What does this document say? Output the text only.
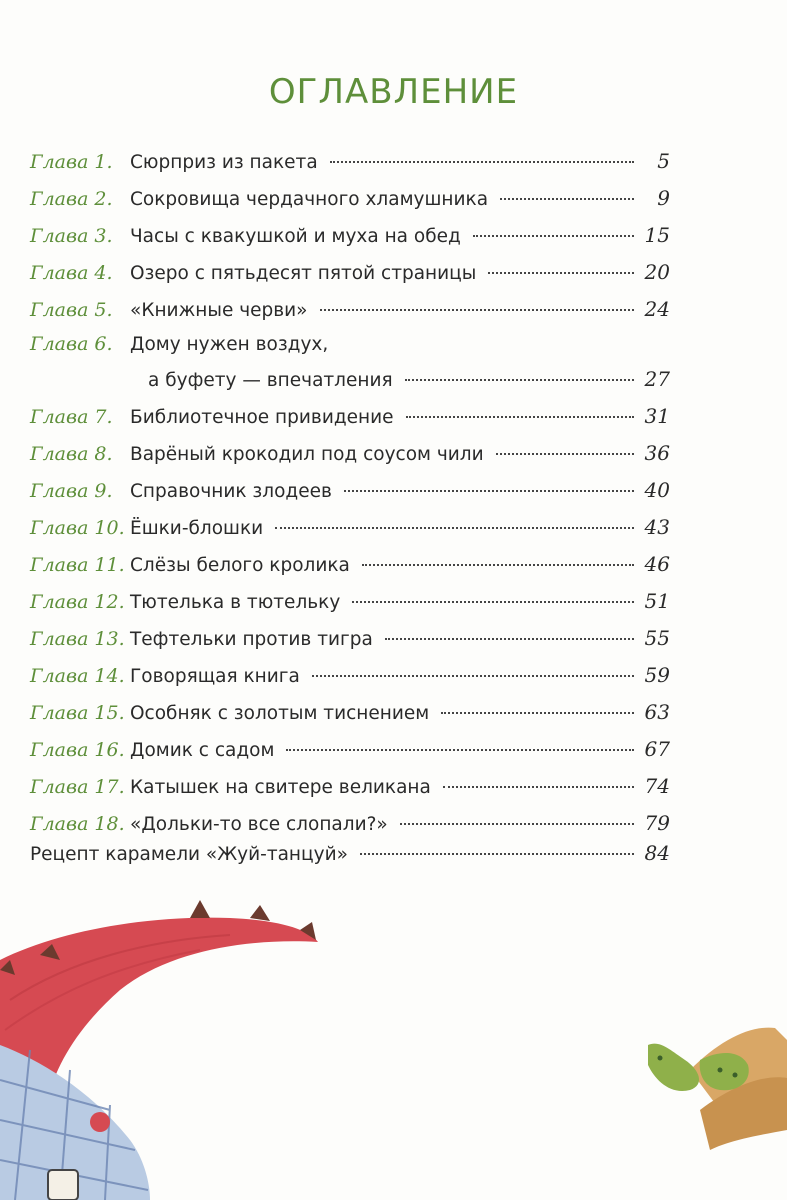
ОГЛАВЛЕНИЕ
Глава 1. Сюрприз из пакета	5
Глава 2. Сокровища чердачного хламушника	9
Глава 3. Часы с квакушкой и муха на обед	15
Глава 4. Озеро с пятьдесят пятой страницы	20
Глава 5. «Книжные черви»	24
Глава 6. Дому нужен воздух,
а буфету — впечатления	27
Глава 7. Библиотечное привидение	31
Глава 8. Варёный крокодил под соусом чили	36
Глава 9. Справочник злодеев	40
Глава 10. Ёшки-блошки	43
Глава 11. Слёзы белого кролика	46
Глава 12. Тютелька в тютельку	51
Глава 13. Тефтельки против тигра	55
Глава 14. Говорящая книга	59
Глава 15. Особняк с золотым тиснением	63
Глава 16. Домик с садом	67
Глава 17. Катышек на свитере великана	74
Глава 18. «Дольки-то все слопали?»	79
Рецепт карамели «Жуй-танцуй»	84
